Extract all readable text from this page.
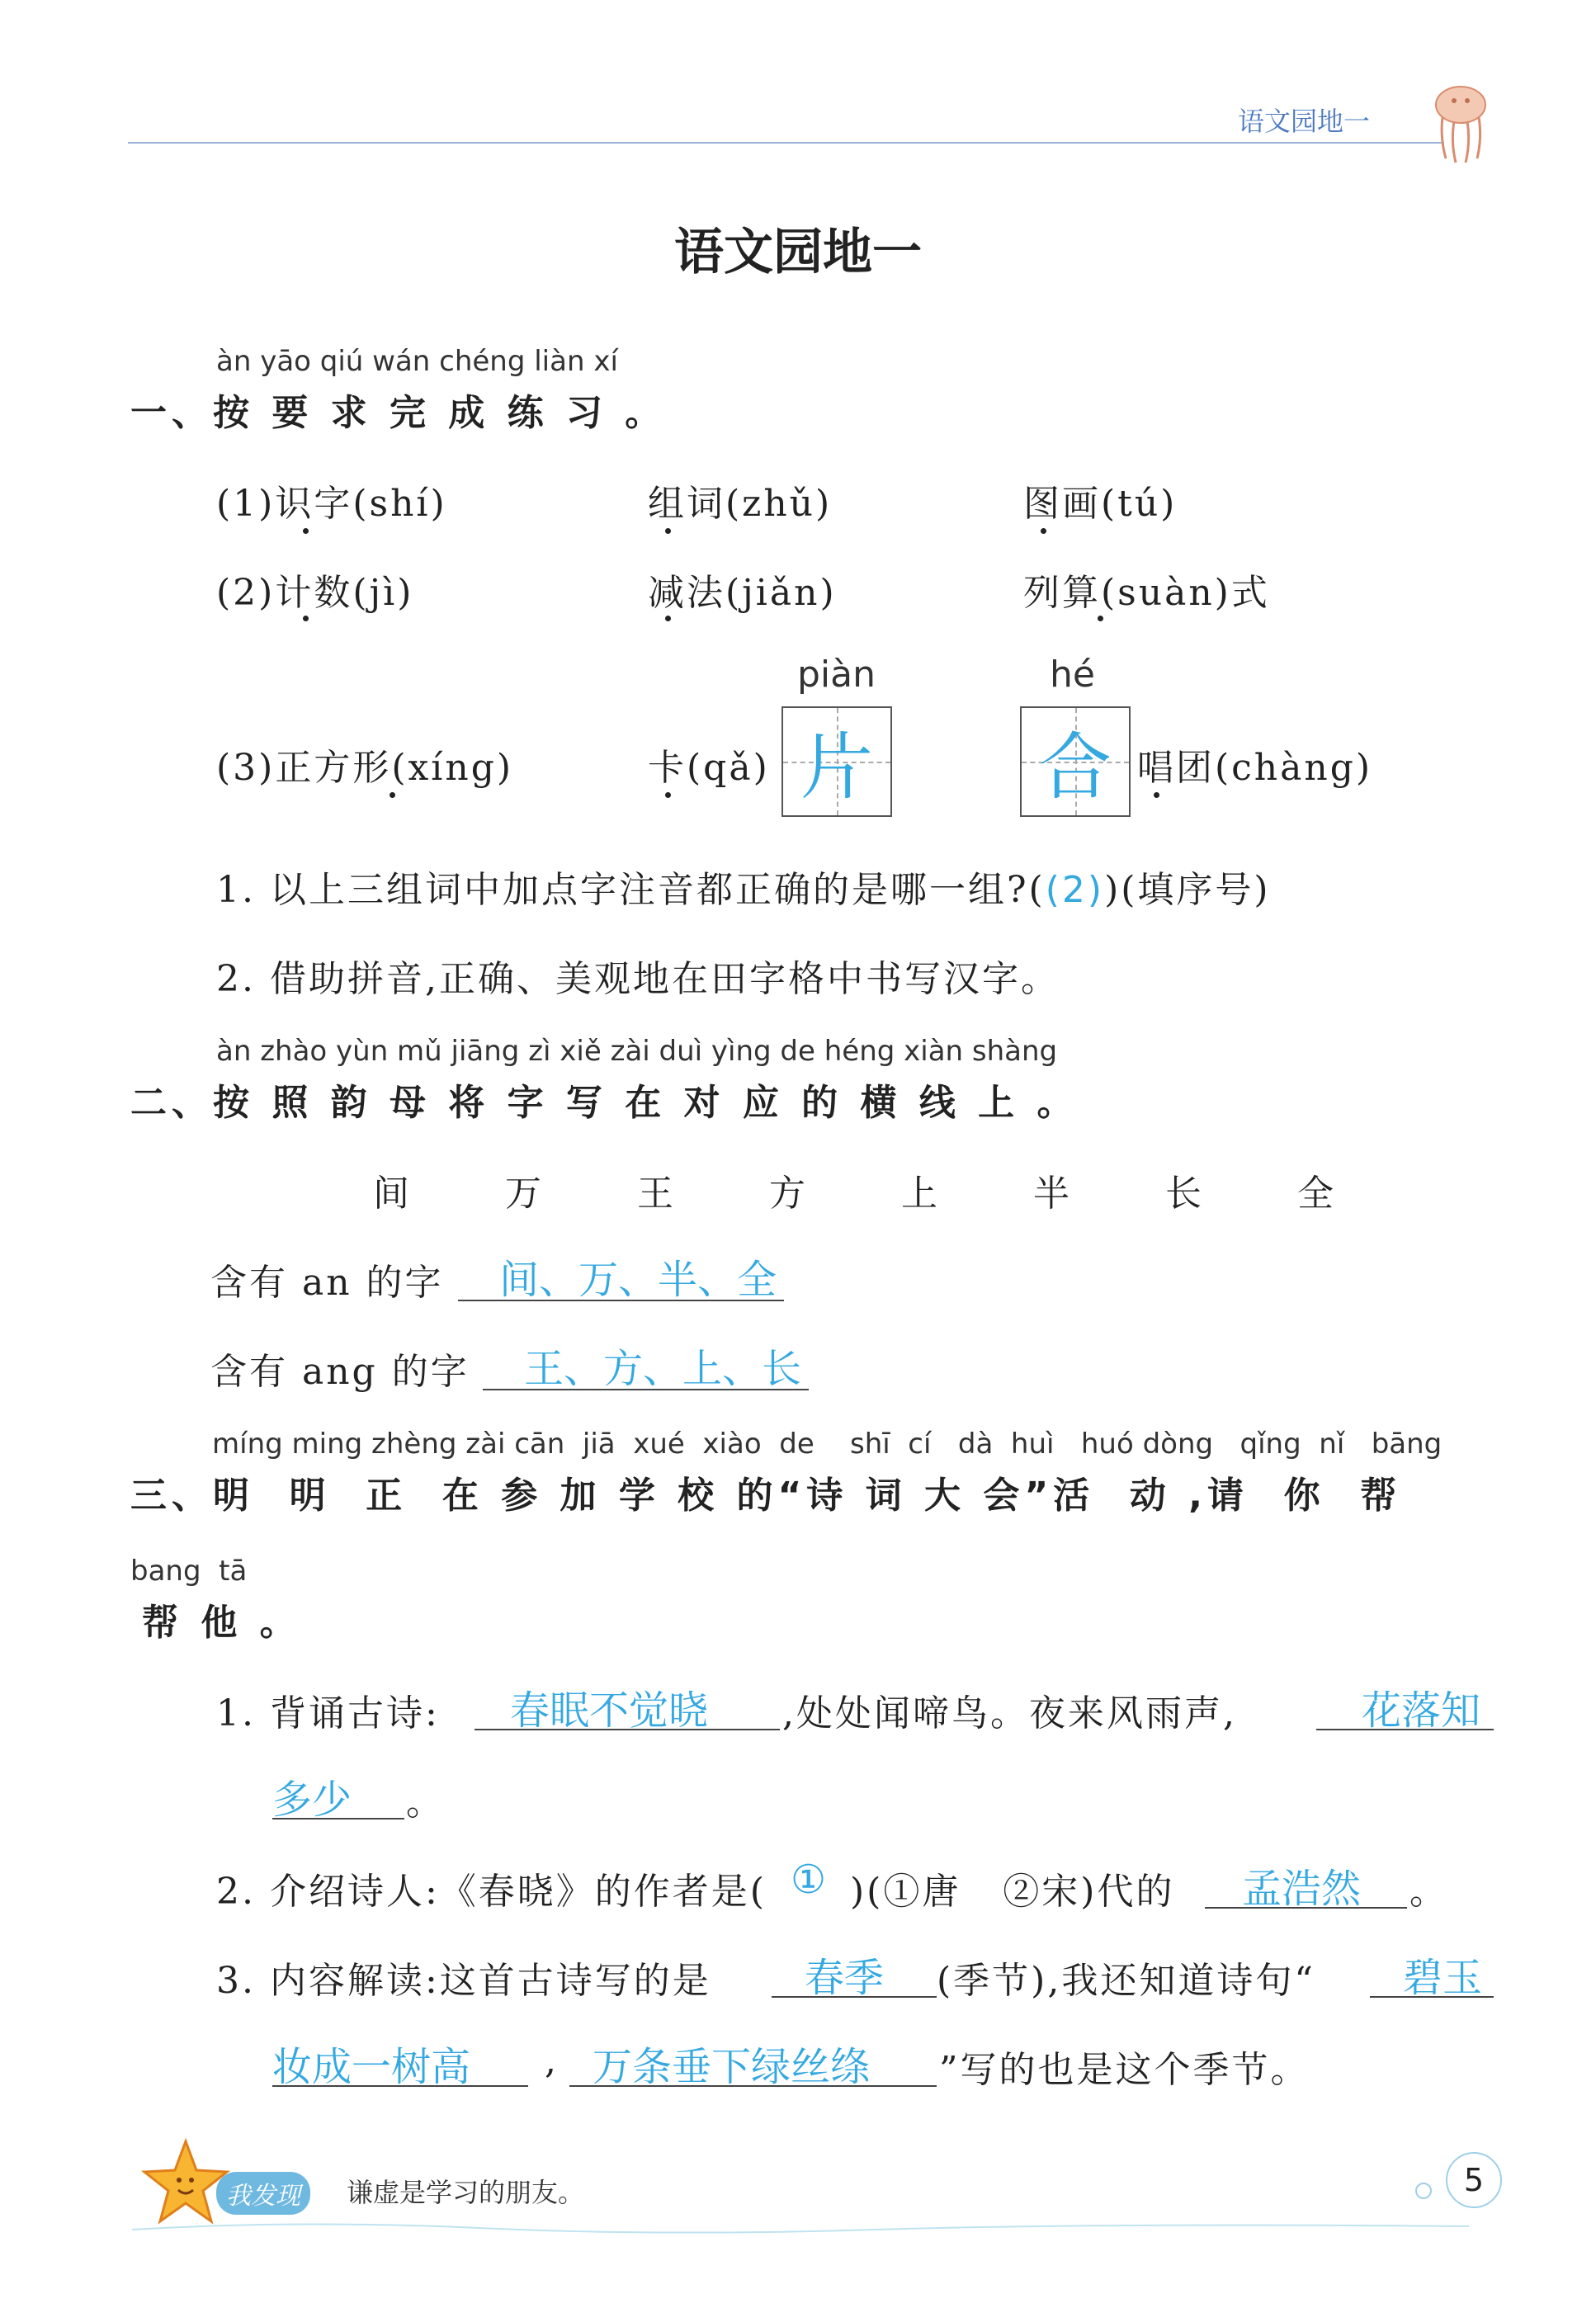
语文园地一
语文园地一
àn yāo qiú wán chéng liàn xí
一、按 要 求 完 成 练 习 。
(1)识字(shí)	组词(zhǔ)	图画(tú)
(2)计数(jì)	减法(jiǎn)	列算(suàn)式
piàn	hé
(3)正方形(xíng)	卡(qǎ) 片 合 唱团(chàng)
1. 以上三组词中加点字注音都正确的是哪一组?((2))(填序号)
2. 借助拼音,正确、美观地在田字格中书写汉字。
àn zhào yùn mǔ jiāng zì xiě zài duì yìng de héng xiàn shàng
二、按 照 韵 母 将 字 写 在 对 应 的 横 线 上 。
间	万	王	方	上	半	长	全
含有 an 的字 间、万、半、全
含有 ang 的字 王、方、上、长
míng ming zhèng zài cān  jiā  xué  xiào  de    shī  cí   dà  huì   huó dòng   qǐng  nǐ   bāng
三、明  明  正  在 参 加 学 校 的“诗 词 大 会”活  动 ,请  你  帮
bang  tā
帮 他 。
1. 背诵古诗: 春眠不觉晓 ,处处闻啼鸟。夜来风雨声,	花落知
多少 。
2. 介绍诗人:《春晓》的作者是( ① )(①唐   ②宋)代的 孟浩然 。
3. 内容解读:这首古诗写的是 春季 (季节),我还知道诗句“ 碧玉
妆成一树高 , 万条垂下绿丝绦 ”写的也是这个季节。
我发现	谦虚是学习的朋友。	5
